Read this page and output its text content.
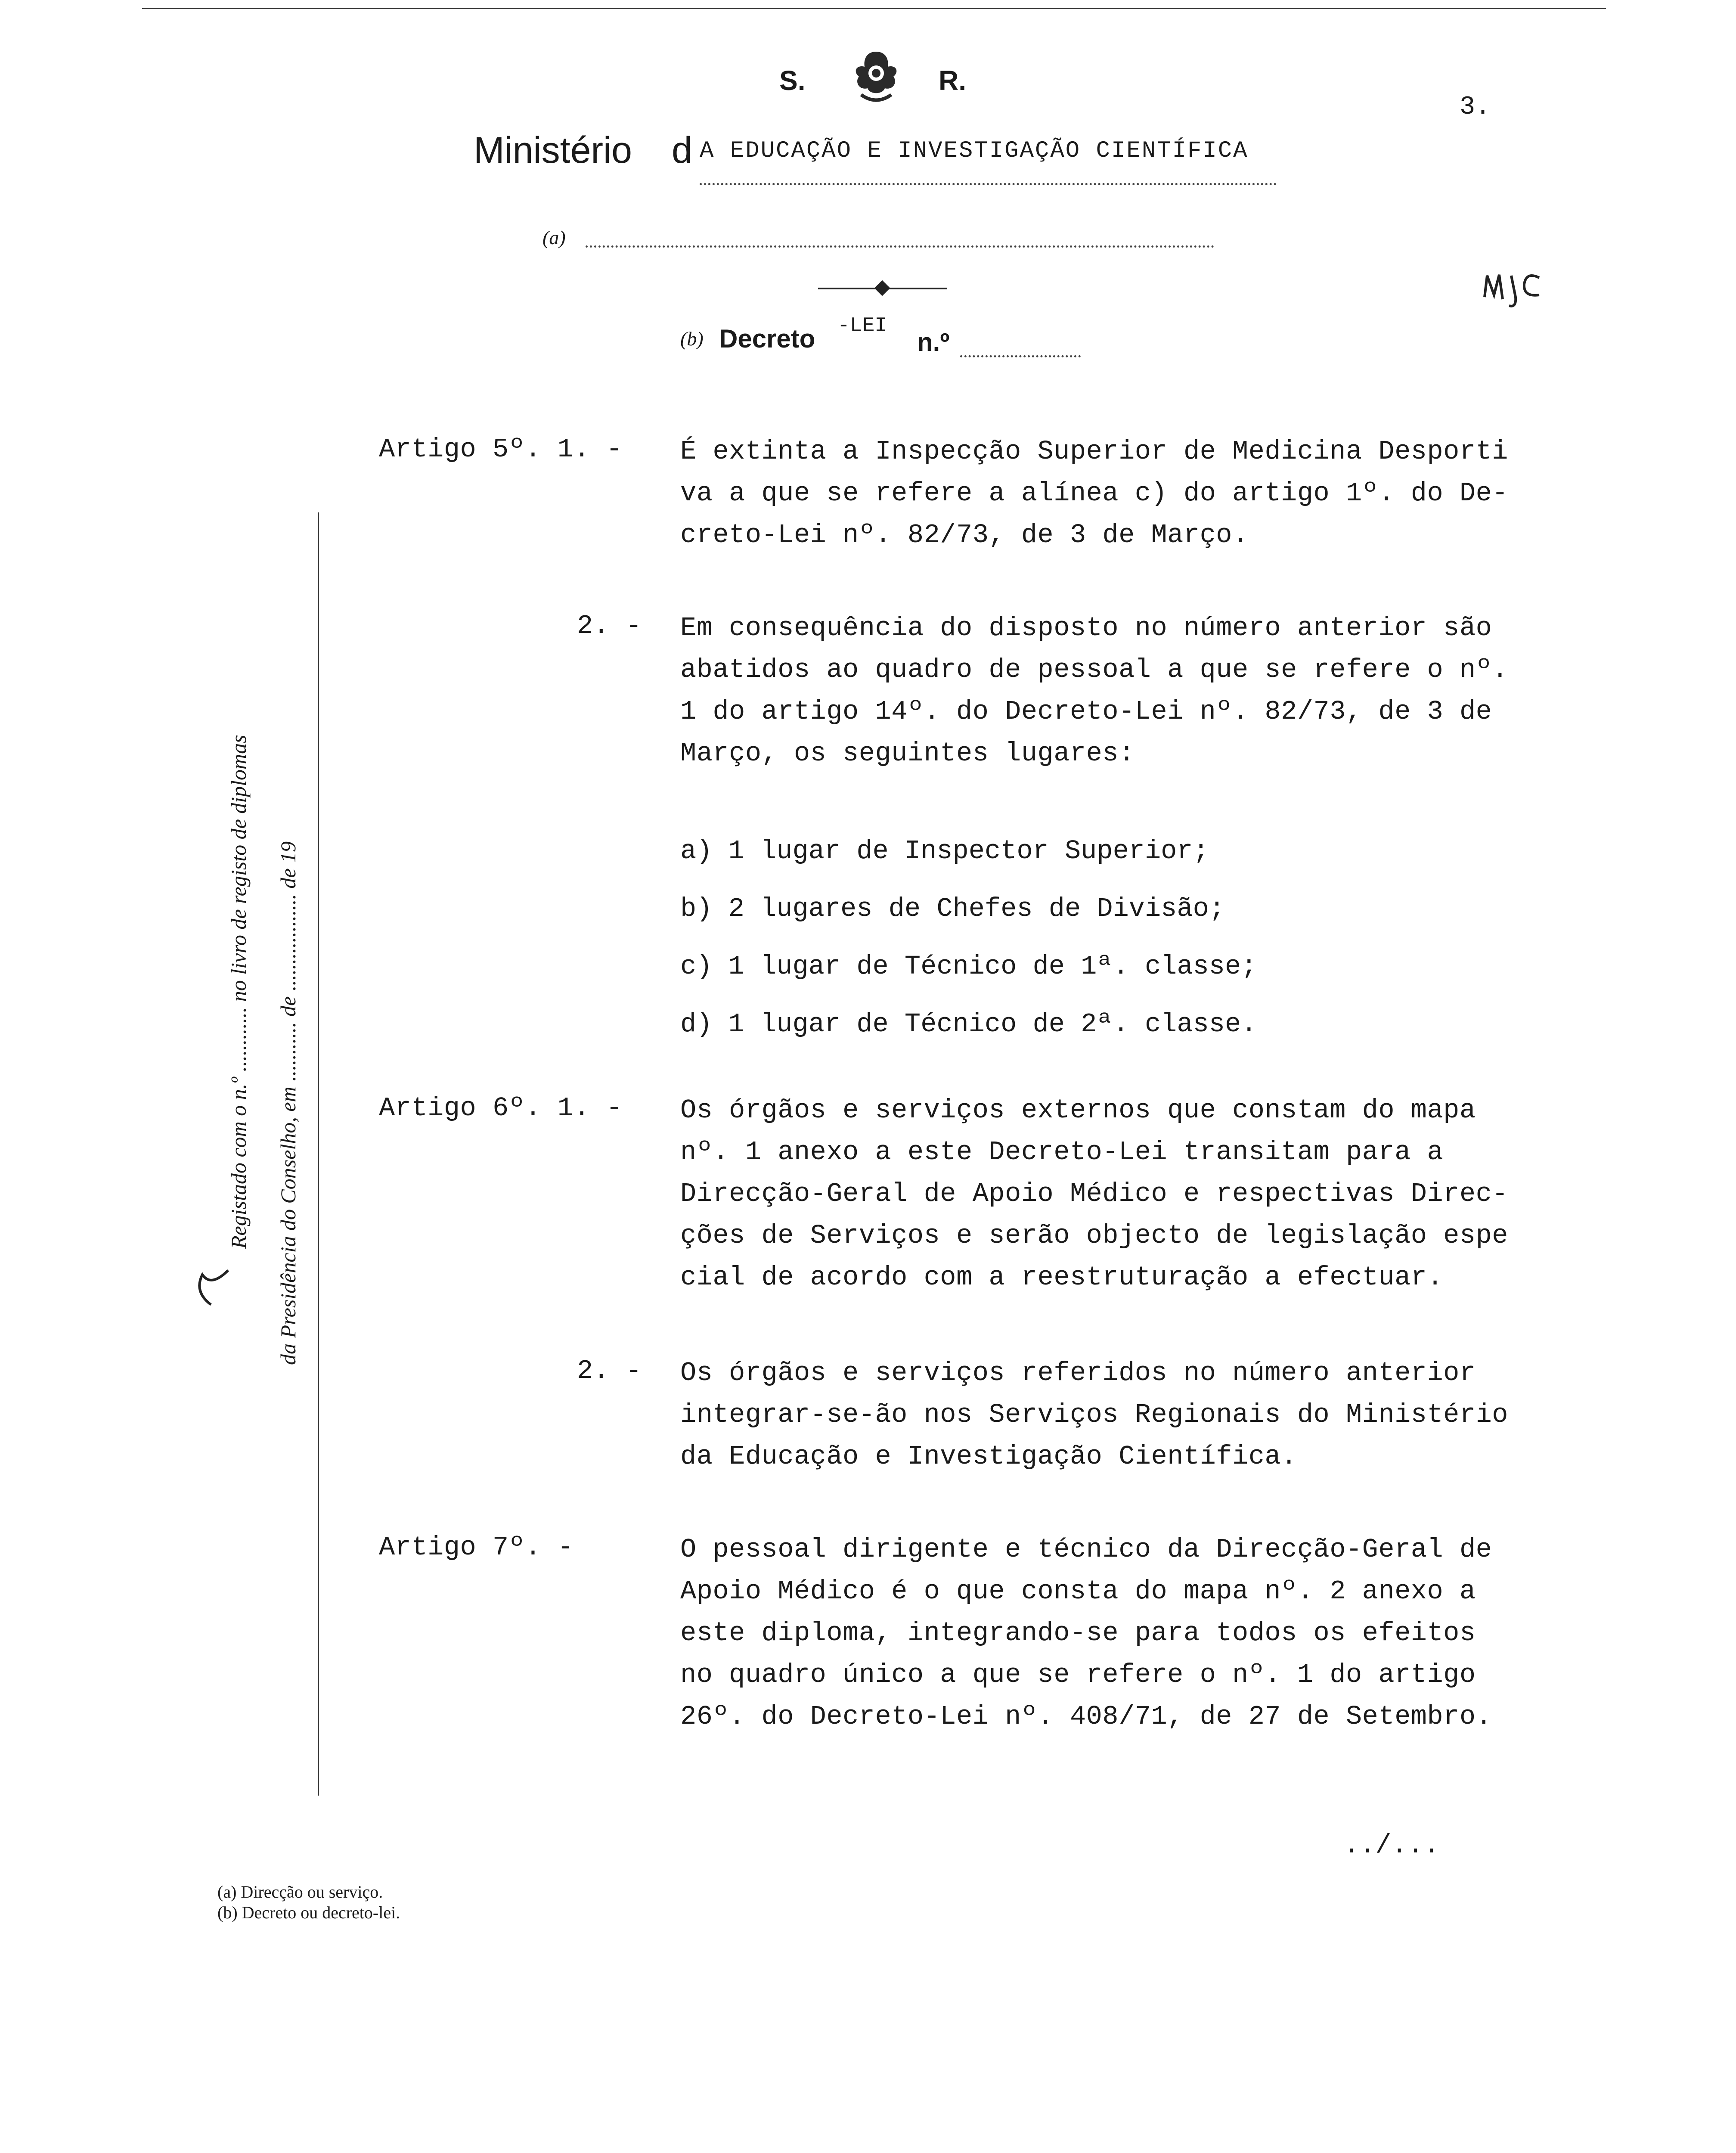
S.	R.
3.
Ministério d A EDUCAÇÃO E INVESTIGAÇÃO CIENTÍFICA
(a)
(b) Decreto -LEI
n.º
Registado com o n.º ............ no livro de registo de diplomas da Presidência do Conselho, em ........... de .................. de 19
Artigo 5º. 1. - É extinta a Inspecção Superior de Medicina Desporti
va a que se refere a alínea c) do artigo 1º. do De-
creto-Lei nº. 82/73, de 3 de Março.
2. - Em consequência do disposto no número anterior são
abatidos ao quadro de pessoal a que se refere o nº.
1 do artigo 14º. do Decreto-Lei nº. 82/73, de 3 de
Março, os seguintes lugares:
a) 1 lugar de Inspector Superior;
b) 2 lugares de Chefes de Divisão;
c) 1 lugar de Técnico de 1ª. classe;
d) 1 lugar de Técnico de 2ª. classe.
Artigo 6º. 1. - Os órgãos e serviços externos que constam do mapa
nº. 1 anexo a este Decreto-Lei transitam para a
Direcção-Geral de Apoio Médico e respectivas Direc-
ções de Serviços e serão objecto de legislação espe
cial de acordo com a reestruturação a efectuar.
2. - Os órgãos e serviços referidos no número anterior
integrar-se-ão nos Serviços Regionais do Ministério
da Educação e Investigação Científica.
Artigo 7º. -	O pessoal dirigente e técnico da Direcção-Geral de
Apoio Médico é o que consta do mapa nº. 2 anexo a
este diploma, integrando-se para todos os efeitos
no quadro único a que se refere o nº. 1 do artigo
26º. do Decreto-Lei nº. 408/71, de 27 de Setembro.
../...
(a) Direcção ou serviço.
(b) Decreto ou decreto-lei.
